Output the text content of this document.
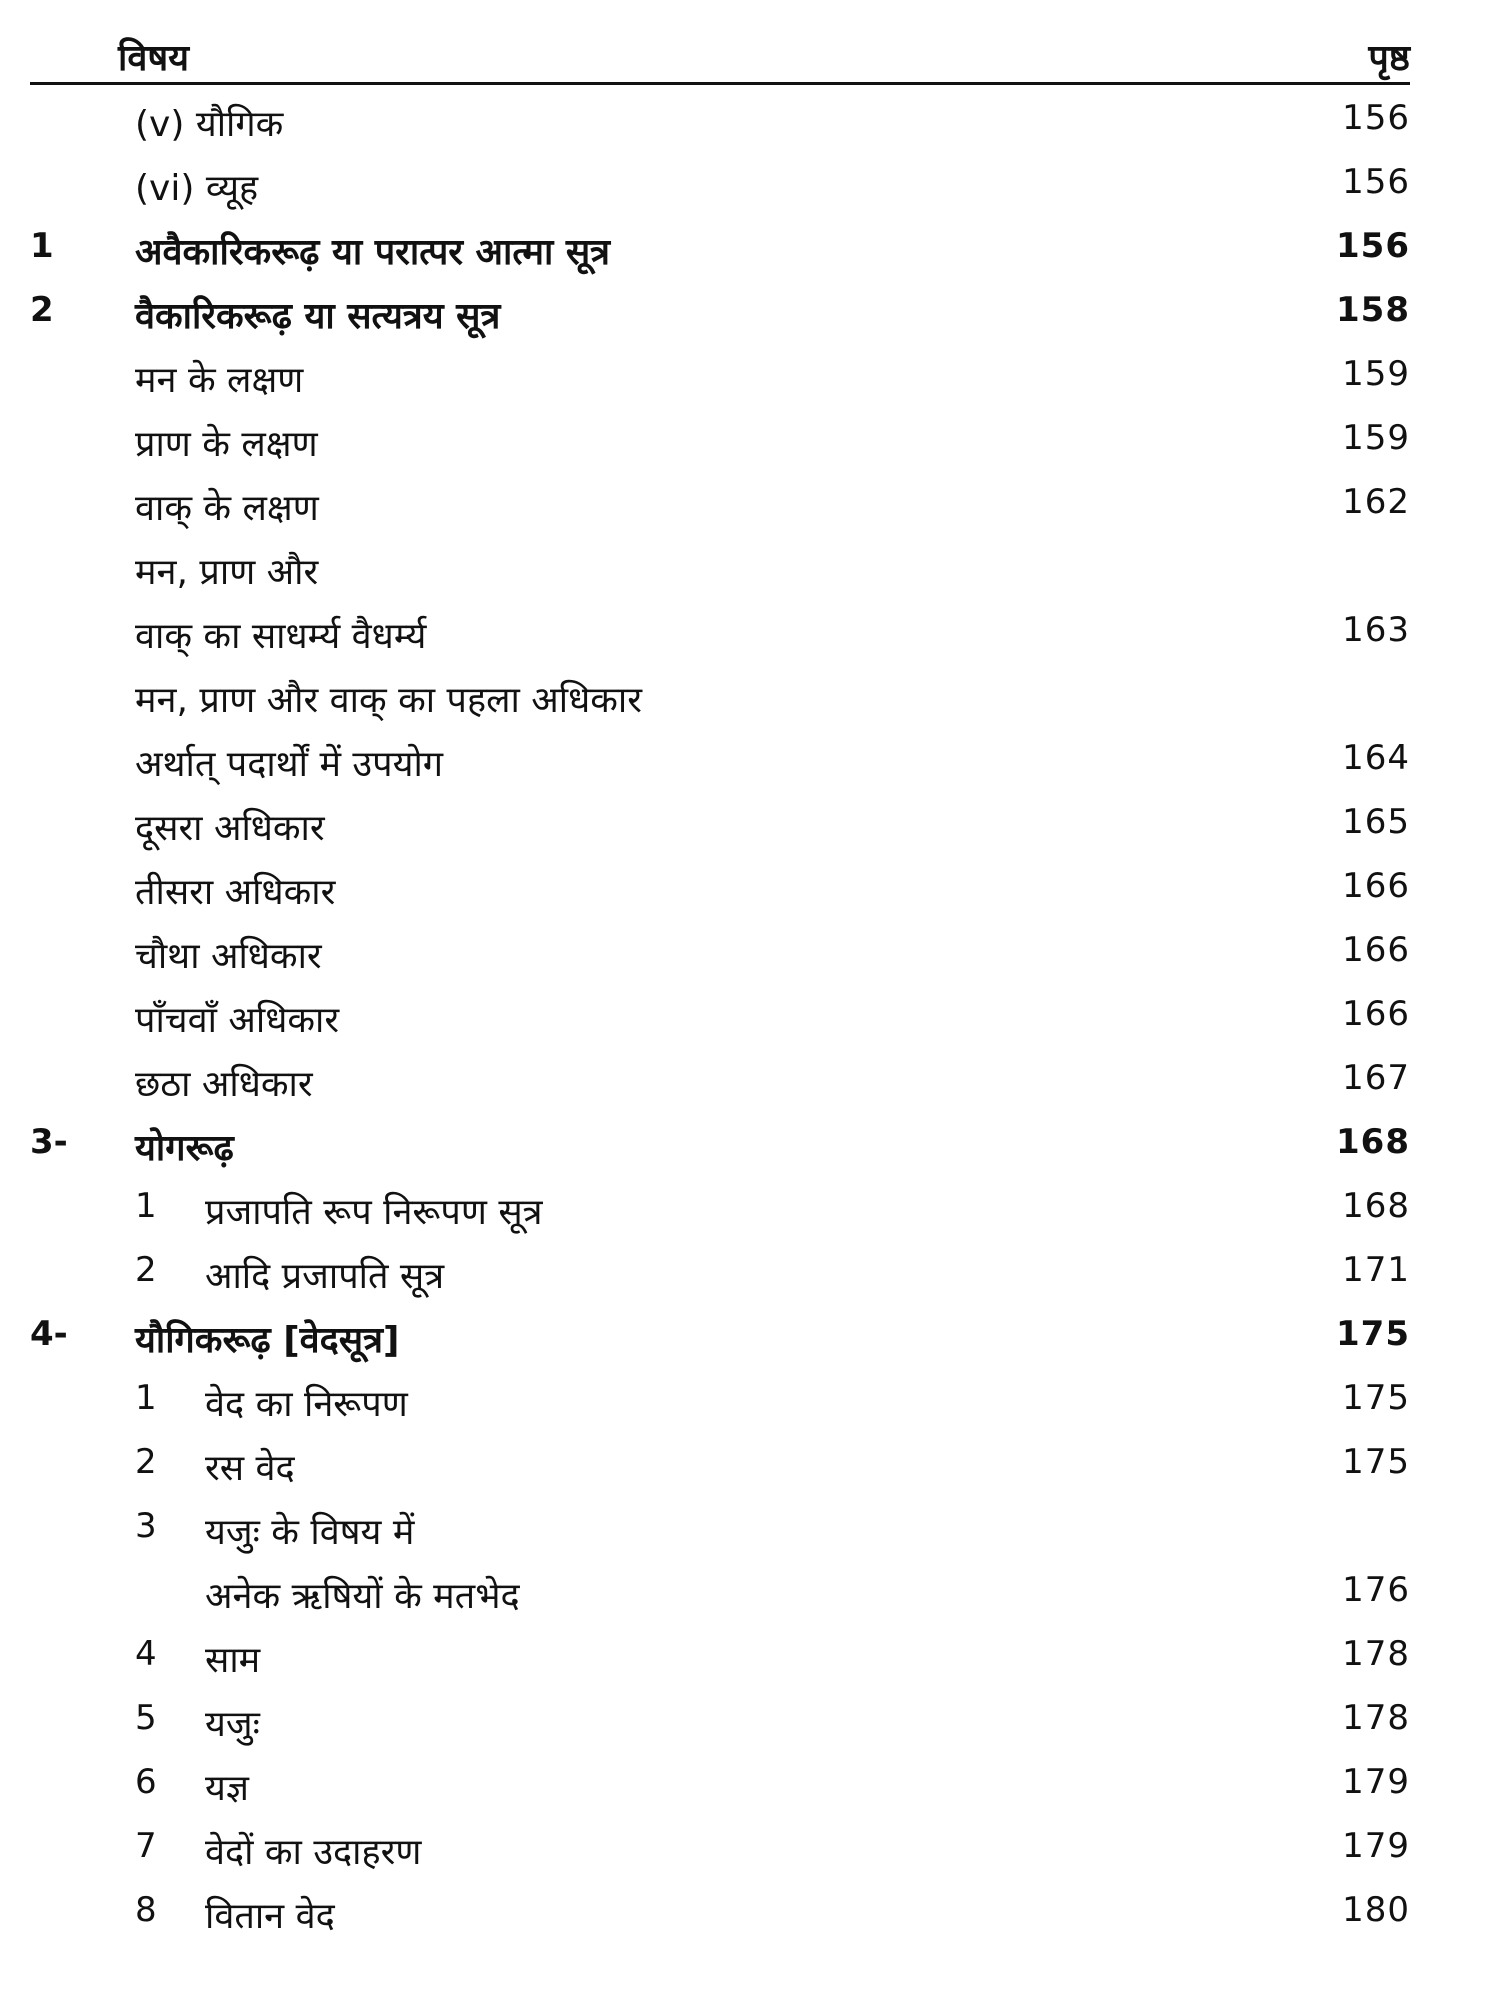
विषय	पृष्ठ
(v) यौगिक	156
(vi) व्यूह	156
1 अवैकारिकरूढ़ या परात्पर आत्मा सूत्र	156
2 वैकारिकरूढ़ या सत्यत्रय सूत्र	158
मन के लक्षण	159
प्राण के लक्षण	159
वाक् के लक्षण	162
मन, प्राण और
वाक् का साधर्म्य वैधर्म्य	163
मन, प्राण और वाक् का पहला अधिकार
अर्थात् पदार्थों में उपयोग	164
दूसरा अधिकार	165
तीसरा अधिकार	166
चौथा अधिकार	166
पाँचवाँ अधिकार	166
छठा अधिकार	167
3- योगरूढ़	168
1 प्रजापति रूप निरूपण सूत्र	168
2 आदि प्रजापति सूत्र	171
4- यौगिकरूढ़ [वेदसूत्र]	175
1 वेद का निरूपण	175
2 रस वेद	175
3 यजुः के विषय में
अनेक ऋषियों के मतभेद	176
4 साम	178
5 यजुः	178
6 यज्ञ	179
7 वेदों का उदाहरण	179
8 वितान वेद	180
